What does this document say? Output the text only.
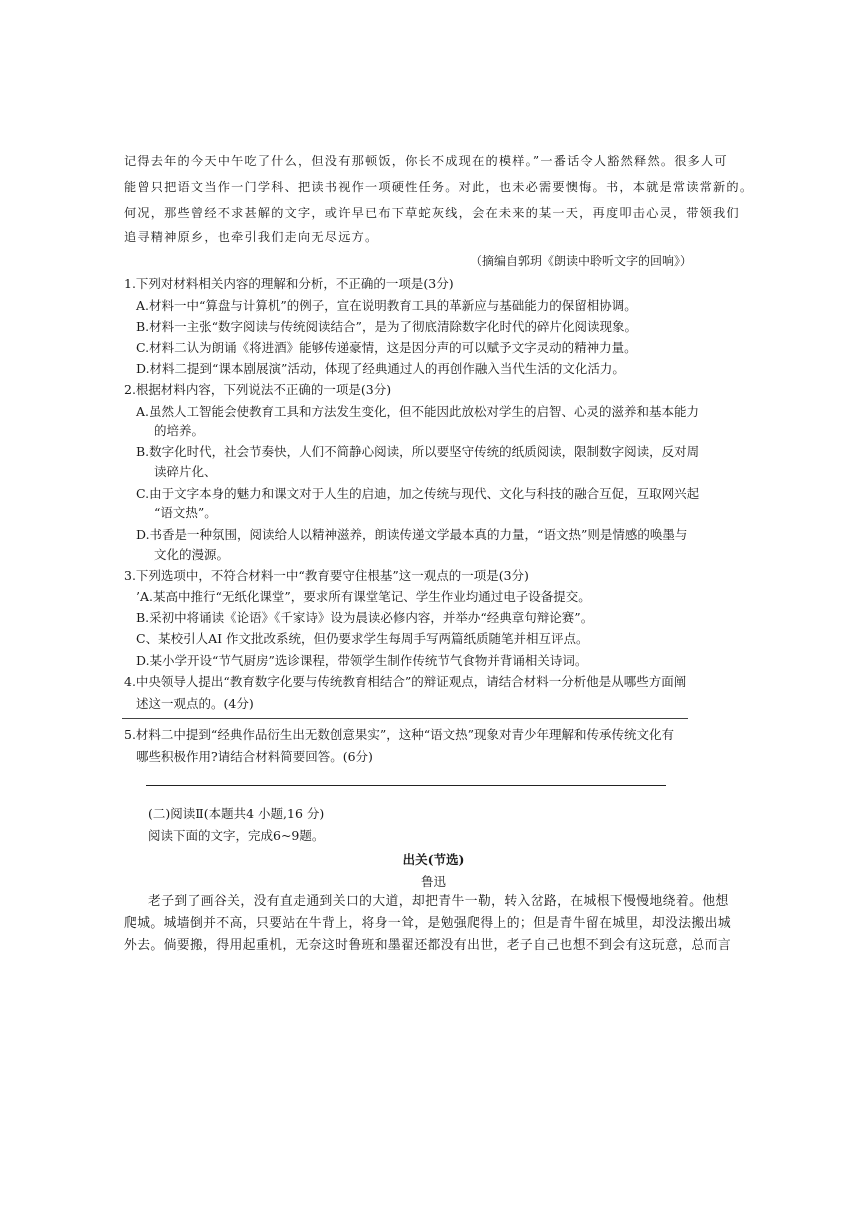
记得去年的今天中午吃了什么，但没有那顿饭，你长不成现在的模样。”一番话令人豁然释然。很多人可
能曾只把语文当作一门学科、把读书视作一项硬性任务。对此，也未必需要懊悔。书，本就是常读常新的。
何况，那些曾经不求甚解的文字，或许早已布下草蛇灰线，会在未来的某一天，再度叩击心灵，带领我们
追寻精神原乡，也牵引我们走向无尽远方。
（摘编自郭玥《朗读中聆听文字的回响》）
1.下列对材料相关内容的理解和分析，不正确的一项是(3分)
A.材料一中“算盘与计算机”的例子，宣在说明教育工具的革新应与基础能力的保留相协调。
B.材料一主张“数字阅读与传统阅读结合”，是为了彻底清除数字化时代的碎片化阅读现象。
C.材料二认为朗诵《将进酒》能够传递豪情，这是因分声的可以赋予文字灵动的精神力量。
D.材料二提到“课本剧展演”活动，体现了经典通过人的再创作融入当代生活的文化活力。
2.根据材料内容，下列说法不正确的一项是(3分)
A.虽然人工智能会使教育工具和方法发生变化，但不能因此放松对学生的启智、心灵的滋养和基本能力
的培养。
B.数字化时代，社会节奏快，人们不简静心阅读，所以要坚守传统的纸质阅读，限制数字阅读，反对周
读碎片化、
C.由于文字本身的魅力和课文对于人生的启迪，加之传统与现代、文化与科技的融合互促，互取网兴起
“语文热”。
D.书香是一种氛围，阅读给人以精神滋养，朗读传递文学最本真的力量，“语文热”则是情感的唤墨与
文化的漫源。
3.下列选项中，不符合材料一中“教育要守住根基”这一观点的一项是(3分)
’A.某高中推行“无纸化课堂”，要求所有课堂笔记、学生作业均通过电子设备提交。
B.采初中将诵读《论语》《千家诗》设为晨读必修内容，并举办“经典章句辩论赛”。
C、某校引人AI 作文批改系统，但仍要求学生每周手写两篇纸质随笔并相互评点。
D.某小学开设“节气厨房”选诊课程，带领学生制作传统节气食物并背诵相关诗词。
4.中央领导人提出“教育数字化要与传统教育相结合”的辩证观点，请结合材料一分析他是从哪些方面阐
述这一观点的。(4分)
5.材料二中提到“经典作品衍生出无数创意果实”，这种“语文热”现象对青少年理解和传承传统文化有
哪些积极作用?请结合材料简要回答。(6分)
(二)阅读Ⅱ(本题共4 小题,16 分)
阅读下面的文字，完成6~9题。
出关(节选)
鲁迅
老子到了画谷关，没有直走通到关口的大道，却把青牛一勒，转入岔路，在城根下慢慢地绕着。他想
爬城。城墙倒并不高，只要站在牛背上，将身一耸，是勉强爬得上的；但是青牛留在城里，却没法搬出城
外去。倘要搬，得用起重机，无奈这时鲁班和墨翟还都没有出世，老子自己也想不到会有这玩意，总而言
